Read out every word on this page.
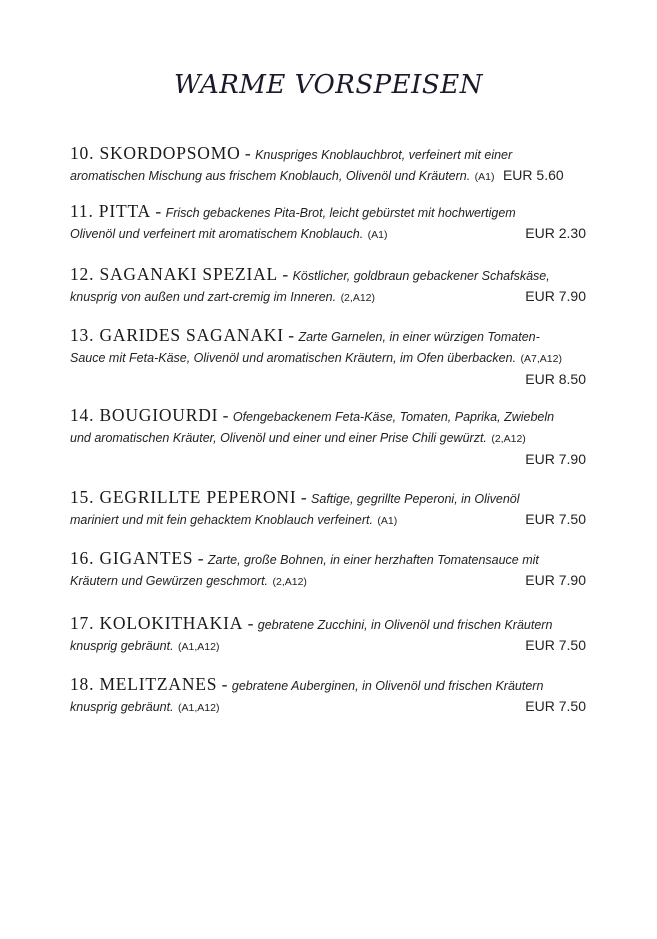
WARME VORSPEISEN
10. SKORDOPSOMO - Knuspriges Knoblauchbrot, verfeinert mit einer
aromatischen Mischung aus frischem Knoblauch, Olivenöl und Kräutern. (A1) EUR 5.60
11. PITTA - Frisch gebackenes Pita-Brot, leicht gebürstet mit hochwertigem
Olivenöl und verfeinert mit aromatischem Knoblauch. (A1)	EUR 2.30
12. SAGANAKI SPEZIAL - Köstlicher, goldbraun gebackener Schafskäse,
knusprig von außen und zart-cremig im Inneren. (2,A12)	EUR 7.90
13. GARIDES SAGANAKI - Zarte Garnelen, in einer würzigen Tomaten-
Sauce mit Feta-Käse, Olivenöl und aromatischen Kräutern, im Ofen überbacken. (A7,A12)
EUR 8.50
14. BOUGIOURDI - Ofengebackenem Feta-Käse, Tomaten, Paprika, Zwiebeln
und aromatischen Kräuter, Olivenöl und einer und einer Prise Chili gewürzt. (2,A12)
EUR 7.90
15. GEGRILLTE PEPERONI - Saftige, gegrillte Peperoni, in Olivenöl
mariniert und mit fein gehacktem Knoblauch verfeinert. (A1)	EUR 7.50
16. GIGANTES - Zarte, große Bohnen, in einer herzhaften Tomatensauce mit
Kräutern und Gewürzen geschmort. (2,A12)	EUR 7.90
17. KOLOKITHAKIA - gebratene Zucchini, in Olivenöl und frischen Kräutern
knusprig gebräunt. (A1,A12)	EUR 7.50
18. MELITZANES - gebratene Auberginen, in Olivenöl und frischen Kräutern
knusprig gebräunt. (A1,A12)	EUR 7.50
